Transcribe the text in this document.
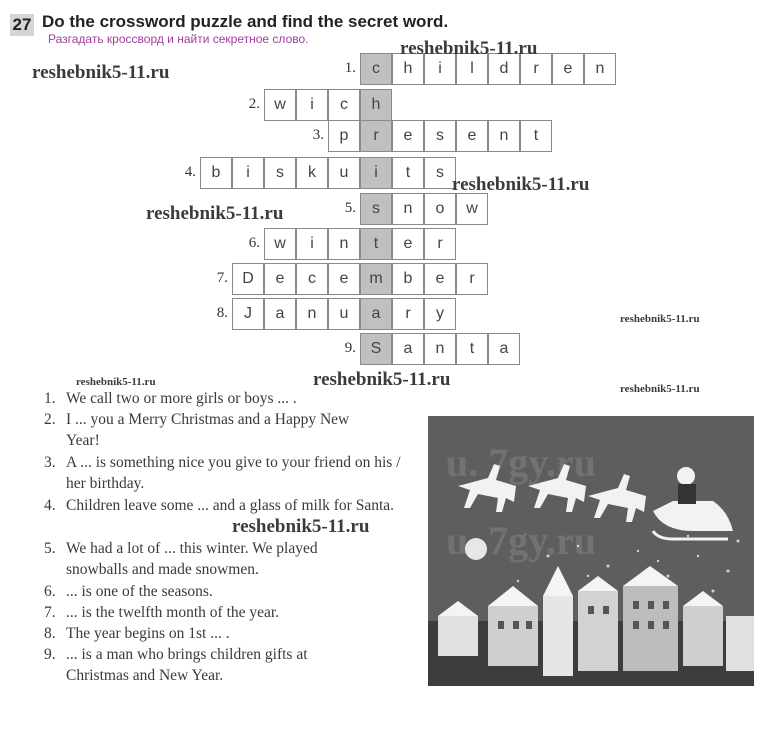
27 Do the crossword puzzle and find the secret word.
Разгадать кроссворд и найти секретное слово.
1.	c	h	i	l	d	r	e	n
2. w	i	c	h
3. p	r	e	s	e	n	t
4. b	i	s	k	u	i	t	s
5.	s	n	o	w
6. w	i	n	t	e	r
7. D	e	c	e	m	b	e	r
8.	J	a	n	u	a	r	y
9. S	a	n	t	a
reshebnik5-11.ru
reshebnik5-11.ru
reshebnik5-11.ru
reshebnik5-11.ru
reshebnik5-11.ru
reshebnik5-11.ru	reshebnik5-11.ru	reshebnik5-11.ru
1. We call two or more girls or boys ... .
2. I ... you a Merry Christmas and a Happy New Year!
3. A ... is something nice you give to your friend on his / her birthday.
4. Children leave some ... and a glass of milk for Santa.
5. We had a lot of ... this winter. We played snowballs and made snowmen.
6. ... is one of the seasons.
7. ... is the twelfth month of the year.
8. The year begins on 1st ... .
9. ... is a man who brings children gifts at Christmas and New Year.
reshebnik5-11.ru
u. 7gy.ru
u. 7gy.ru
